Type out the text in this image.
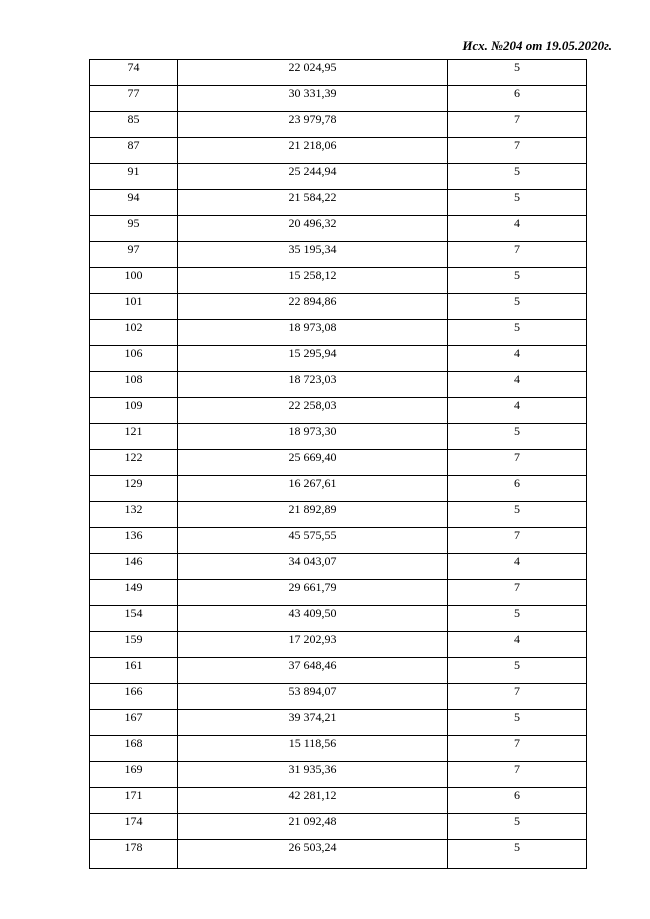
Исх. №204 от 19.05.2020г.
74	22 024,95	5
77	30 331,39	6
85	23 979,78	7
87	21 218,06	7
91	25 244,94	5
94	21 584,22	5
95	20 496,32	4
97	35 195,34	7
100	15 258,12	5
101	22 894,86	5
102	18 973,08	5
106	15 295,94	4
108	18 723,03	4
109	22 258,03	4
121	18 973,30	5
122	25 669,40	7
129	16 267,61	6
132	21 892,89	5
136	45 575,55	7
146	34 043,07	4
149	29 661,79	7
154	43 409,50	5
159	17 202,93	4
161	37 648,46	5
166	53 894,07	7
167	39 374,21	5
168	15 118,56	7
169	31 935,36	7
171	42 281,12	6
174	21 092,48	5
178	26 503,24	5
